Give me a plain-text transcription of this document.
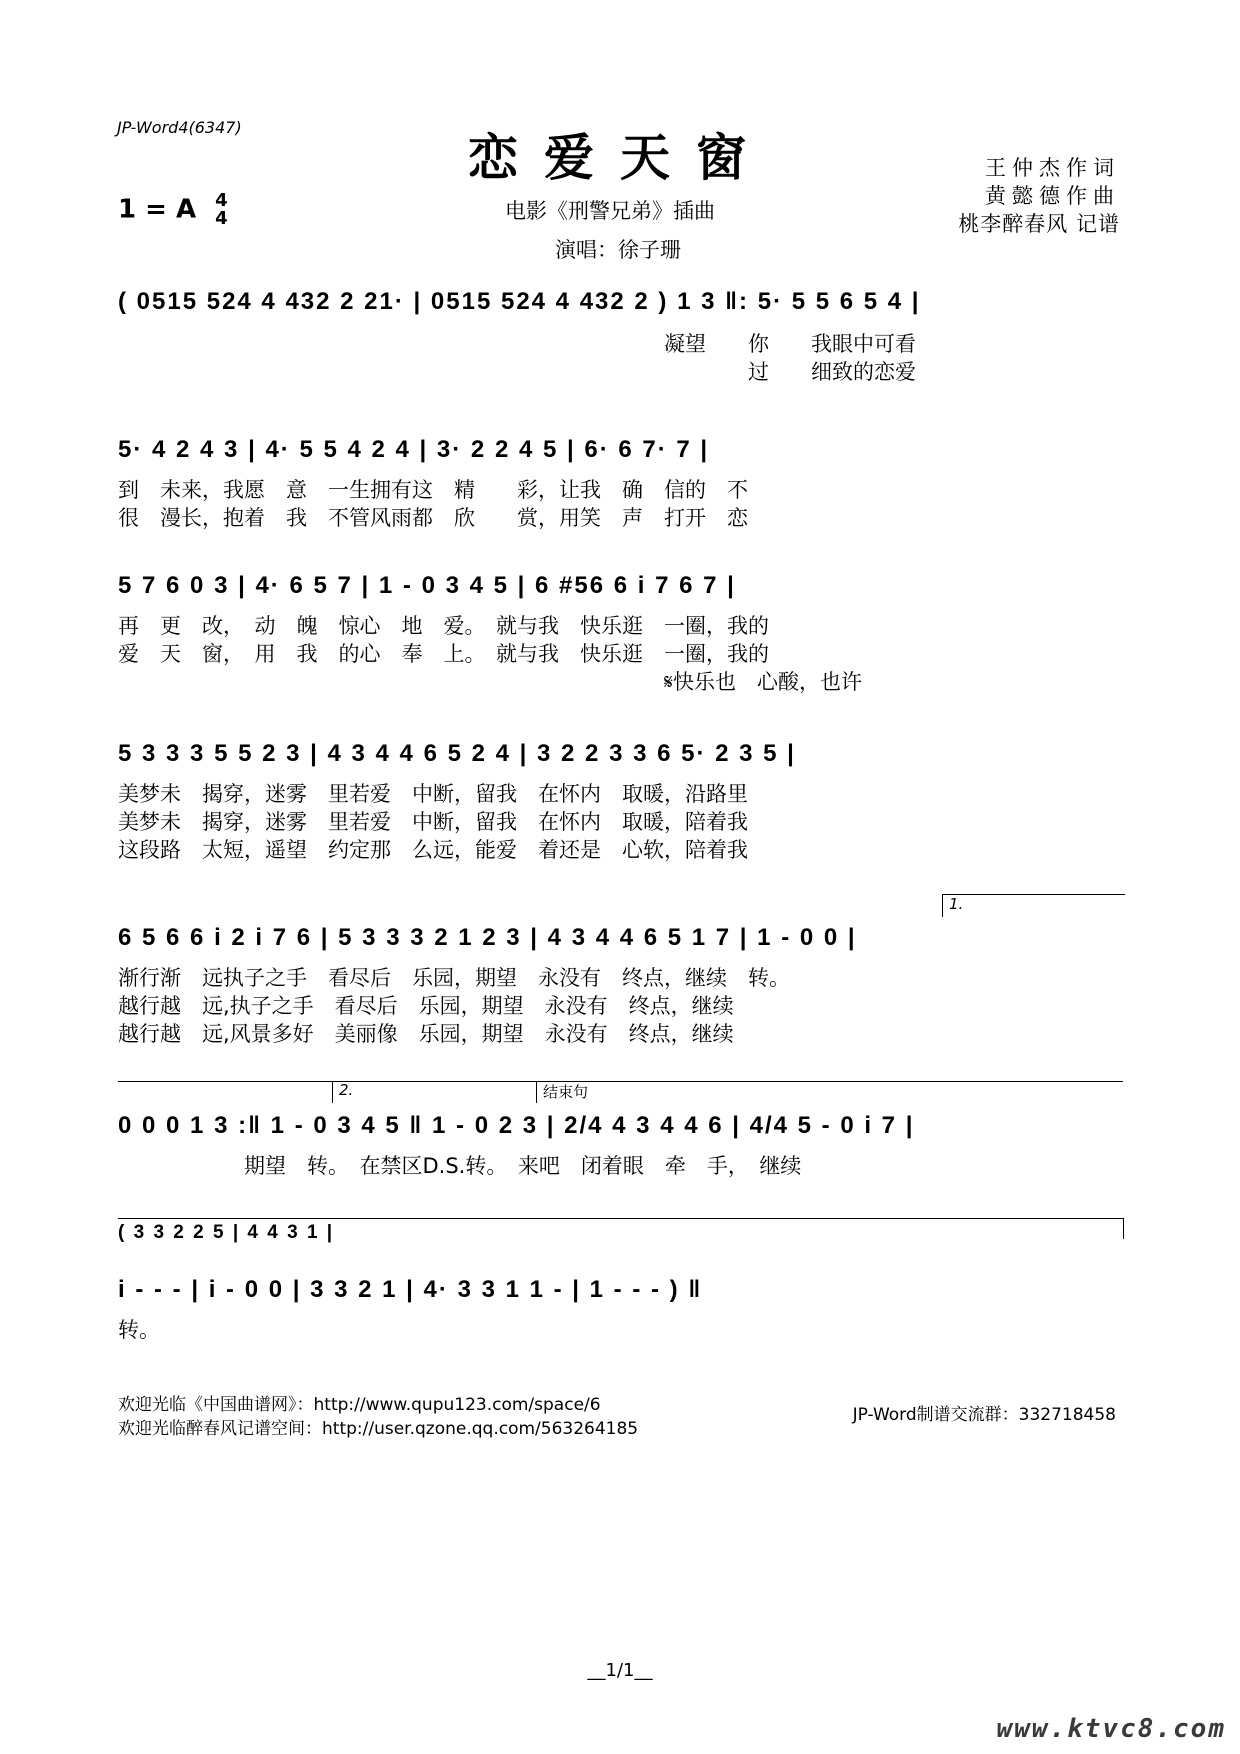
JP-Word4(6347)
恋爱天窗
电影《刑警兄弟》插曲
演唱：徐子珊
王仲杰作词
黄懿德作曲
桃李醉春风 记谱
1 = A 4
4
( 0515 524 4 432 2 21· | 0515 524 4 432 2 ) 1 3 ‖: 5· 5 5 6 5 4 |
　　　　　　　　　　　　　　　　　　　　　　　　　　凝望　　你　　我眼中可看
　　　　　　　　　　　　　　　　　　　　　　　　　　　　　　过　　细致的恋爱
5· 4 2 4 3 | 4· 5 5 4 2 4 | 3· 2 2 4 5 | 6· 6 7· 7 |
到　未来，我愿　意　一生拥有这　精　　彩，让我　确　信的　不
很　漫长，抱着　我　不管风雨都　欣　　赏，用笑　声　打开　恋
5 7 6 0 3 | 4· 6 5 7 | 1 - 0 3 4 5 | 6 #56 6 i 7 6 7 |
再　更　改，　动　魄　惊心　地　爱。　就与我　快乐逛　一圈，我的
爱　天　窗，　用　我　的心　奉　上。　就与我　快乐逛　一圈，我的
　　　　　　　　　　　　　　　　　　　　　　　　　　𝄋快乐也　心酸，也许
5 3 3 3 5 5 2 3 | 4 3 4 4 6 5 2 4 | 3 2 2 3 3 6 5· 2 3 5 |
美梦未　揭穿，迷雾　里若爱　中断，留我　在怀内　取暖，沿路里
美梦未　揭穿，迷雾　里若爱　中断，留我　在怀内　取暖，陪着我
这段路　太短，遥望　约定那　么远，能爱　着还是　心软，陪着我
1.
6 5 6 6 i 2 i 7 6 | 5 3 3 3 2 1 2 3 | 4 3 4 4 6 5 1 7 | 1 - 0 0 |
渐行渐　远执子之手　看尽后　乐园，期望　永没有　终点，继续　转。
越行越　远,执子之手　看尽后　乐园，期望　永没有　终点，继续
越行越　远,风景多好　美丽像　乐园，期望　永没有　终点，继续
2.	结束句
0 0 0 1 3 :‖ 1 - 0 3 4 5 ‖ 1 - 0 2 3 | 2/4 4 3 4 4 6 | 4/4 5 - 0 i 7 |
　　　　　　期望　转。　在禁区D.S.转。　来吧　闭着眼　牵　手，　继续
( 3 3 2 2 5 | 4 4 3 1 |
i - - - | i - 0 0 | 3 3 2 1 | 4· 3 3 1 1 - | 1 - - - ) ‖
转。
欢迎光临《中国曲谱网》：http://www.qupu123.com/space/6
欢迎光临醉春风记谱空间：http://user.qzone.qq.com/563264185
JP-Word制谱交流群：332718458
__1/1__
www.ktvc8.com
